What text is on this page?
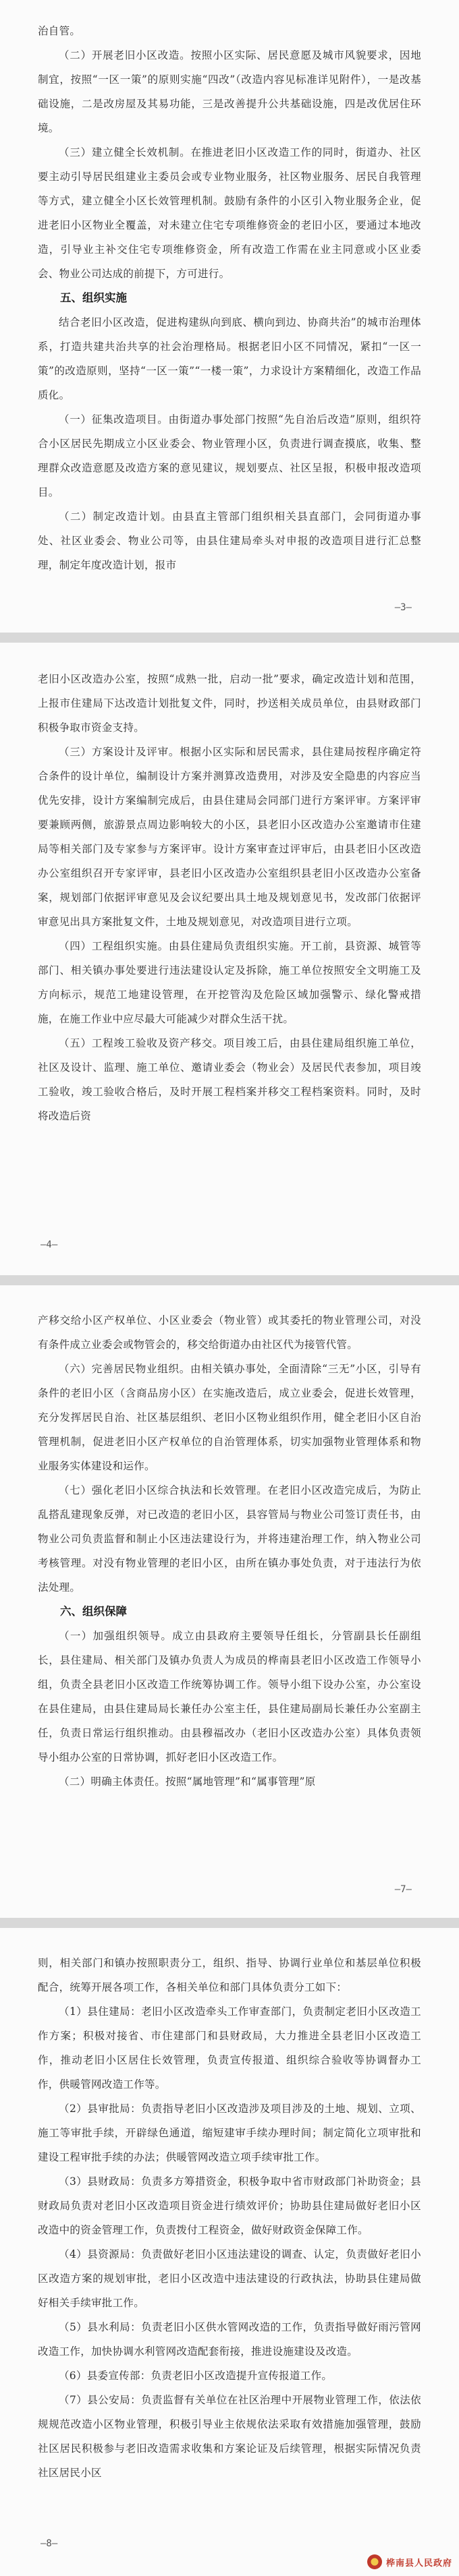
治自管。

（二）开展老旧小区改造。按照小区实际、居民意愿及城市风貌要求，因地制宜，按照“一区一策”的原则实施“四改”（改造内容见标准详见附件），一是改基础设施，二是改房屋及其易功能，三是改善提升公共基础设施，四是改优居住环境。

（三）建立健全长效机制。在推进老旧小区改造工作的同时，街道办、社区要主动引导居民组建业主委员会或专业物业服务，社区物业服务、居民自我管理等方式，建立健全小区长效管理机制。鼓励有条件的小区引入物业服务企业，促进老旧小区物业全覆盖，对未建立住宅专项维修资金的老旧小区，要通过本地改造，引导业主补交住宅专项维修资金，所有改造工作需在业主同意或小区业委会、物业公司达成的前提下，方可进行。

五、组织实施

结合老旧小区改造，促进构建纵向到底、横向到边、协商共治”的城市治理体系，打造共建共治共享的社会治理格局。根据老旧小区不同情况，紧扣“一区一策”的改造原则，坚持“一区一策”“一楼一策”，力求设计方案精细化，改造工作品质化。

（一）征集改造项目。由街道办事处部门按照“先自治后改造”原则，组织符合小区居民先期成立小区业委会、物业管理小区，负责进行调查摸底，收集、整理群众改造意愿及改造方案的意见建议，规划要点、社区呈报，积极申报改造项目。

（二）制定改造计划。由县直主管部门组织相关县直部门，会同街道办事处、社区业委会、物业公司等，由县住建局牵头对申报的改造项目进行汇总整理，制定年度改造计划，报市

—3—

老旧小区改造办公室，按照“成熟一批，启动一批”要求，确定改造计划和范围，上报市住建局下达改造计划批复文件，同时，抄送相关成员单位，由县财政部门积极争取市资金支持。

（三）方案设计及评审。根据小区实际和居民需求，县住建局按程序确定符合条件的设计单位，编制设计方案并测算改造费用，对涉及安全隐患的内容应当优先安排，设计方案编制完成后，由县住建局会同部门进行方案评审。方案评审要兼顾两侧，旅游景点周边影响较大的小区，县老旧小区改造办公室邀请市住建局等相关部门及专家参与方案评审。设计方案审查过评审后，由县老旧小区改造办公室组织召开专家评审，县老旧小区改造办公室组织县老旧小区改造办公室备案，规划部门依据评审意见及会议纪要出具土地及规划意见书，发改部门依据评审意见出具方案批复文件，土地及规划意见，对改造项目进行立项。

（四）工程组织实施。由县住建局负责组织实施。开工前，县资源、城管等部门、相关镇办事处要进行违法建设认定及拆除，施工单位按照安全文明施工及方向标示，规范工地建设管理，在开挖管沟及危险区域加强警示、绿化警戒措施，在施工作业中应尽最大可能减少对群众生活干扰。

（五）工程竣工验收及资产移交。项目竣工后，由县住建局组织施工单位，社区及设计、监理、施工单位、邀请业委会（物业会）及居民代表参加，项目竣工验收，竣工验收合格后，及时开展工程档案并移交工程档案资料。同时，及时将改造后资

—4—

产移交给小区产权单位、小区业委会（物业管）或其委托的物业管理公司，对没有条件成立业委会或物管会的，移交给街道办由社区代为接管代管。

（六）完善居民物业组织。由相关镇办事处，全面清除“三无”小区，引导有条件的老旧小区（含商品房小区）在实施改造后，成立业委会，促进长效管理，充分发挥居民自治、社区基层组织、老旧小区物业组织作用，健全老旧小区自治管理机制，促进老旧小区产权单位的自治管理体系，切实加强物业管理体系和物业服务实体建设和运作。

（七）强化老旧小区综合执法和长效管理。在老旧小区改造完成后，为防止乱搭乱建现象反弹，对已改造的老旧小区，县容管局与物业公司签订责任书，由物业公司负责监督和制止小区违法建设行为，并将违建治理工作，纳入物业公司考核管理。对没有物业管理的老旧小区，由所在镇办事处负责，对于违法行为依法处理。

六、组织保障

（一）加强组织领导。成立由县政府主要领导任组长，分管副县长任副组长，县住建局、相关部门及镇办负责人为成员的桦南县老旧小区改造工作领导小组，负责全县老旧小区改造工作统筹协调工作。领导小组下设办公室，办公室设在县住建局，由县住建局局长兼任办公室主任，县住建局副局长兼任办公室副主任，负责日常运行组织推动。由县穆福改办（老旧小区改造办公室）具体负责领导小组办公室的日常协调，抓好老旧小区改造工作。

（二）明确主体责任。按照“属地管理”和“属事管理”原

—7—

则，相关部门和镇办按照职责分工，组织、指导、协调行业单位和基层单位积极配合，统筹开展各项工作，各相关单位和部门具体负责分工如下：

（1）县住建局：老旧小区改造牵头工作审查部门，负责制定老旧小区改造工作方案；积极对接省、市住建部门和县财政局，大力推进全县老旧小区改造工作，推动老旧小区居住长效管理，负责宣传报道、组织综合验收等协调督办工作，供暖管网改造工作等。

（2）县审批局：负责指导老旧小区改造涉及项目涉及的土地、规划、立项、施工等审批手续，开辟绿色通道，缩短建审手续办理时间；制定简化立项审批和建设工程审批手续的办法；供暖管网改造立项手续审批工作。

（3）县财政局：负责多方筹措资金，积极争取中省市财政部门补助资金；县财政局负责对老旧小区改造项目资金进行绩效评价；协助县住建局做好老旧小区改造中的资金管理工作，负责拨付工程资金，做好财政资金保障工作。

（4）县资源局：负责做好老旧小区违法建设的调查、认定，负责做好老旧小区改造方案的规划审批，老旧小区改造中违法建设的行政执法，协助县住建局做好相关手续审批工作。

（5）县水利局：负责老旧小区供水管网改造的工作，负责指导做好雨污管网改造工作，加快协调水利管网改造配套衔接，推进设施建设及改造。

（6）县委宣传部：负责老旧小区改造提升宣传报道工作。

（7）县公安局：负责监督有关单位在社区治理中开展物业管理工作，依法依规规范改造小区物业管理，积极引导业主依规依法采取有效措施加强管理，鼓励社区居民积极参与老旧改造需求收集和方案论证及后续管理，根据实际情况负责社区居民小区

—8—
桦南县人民政府
